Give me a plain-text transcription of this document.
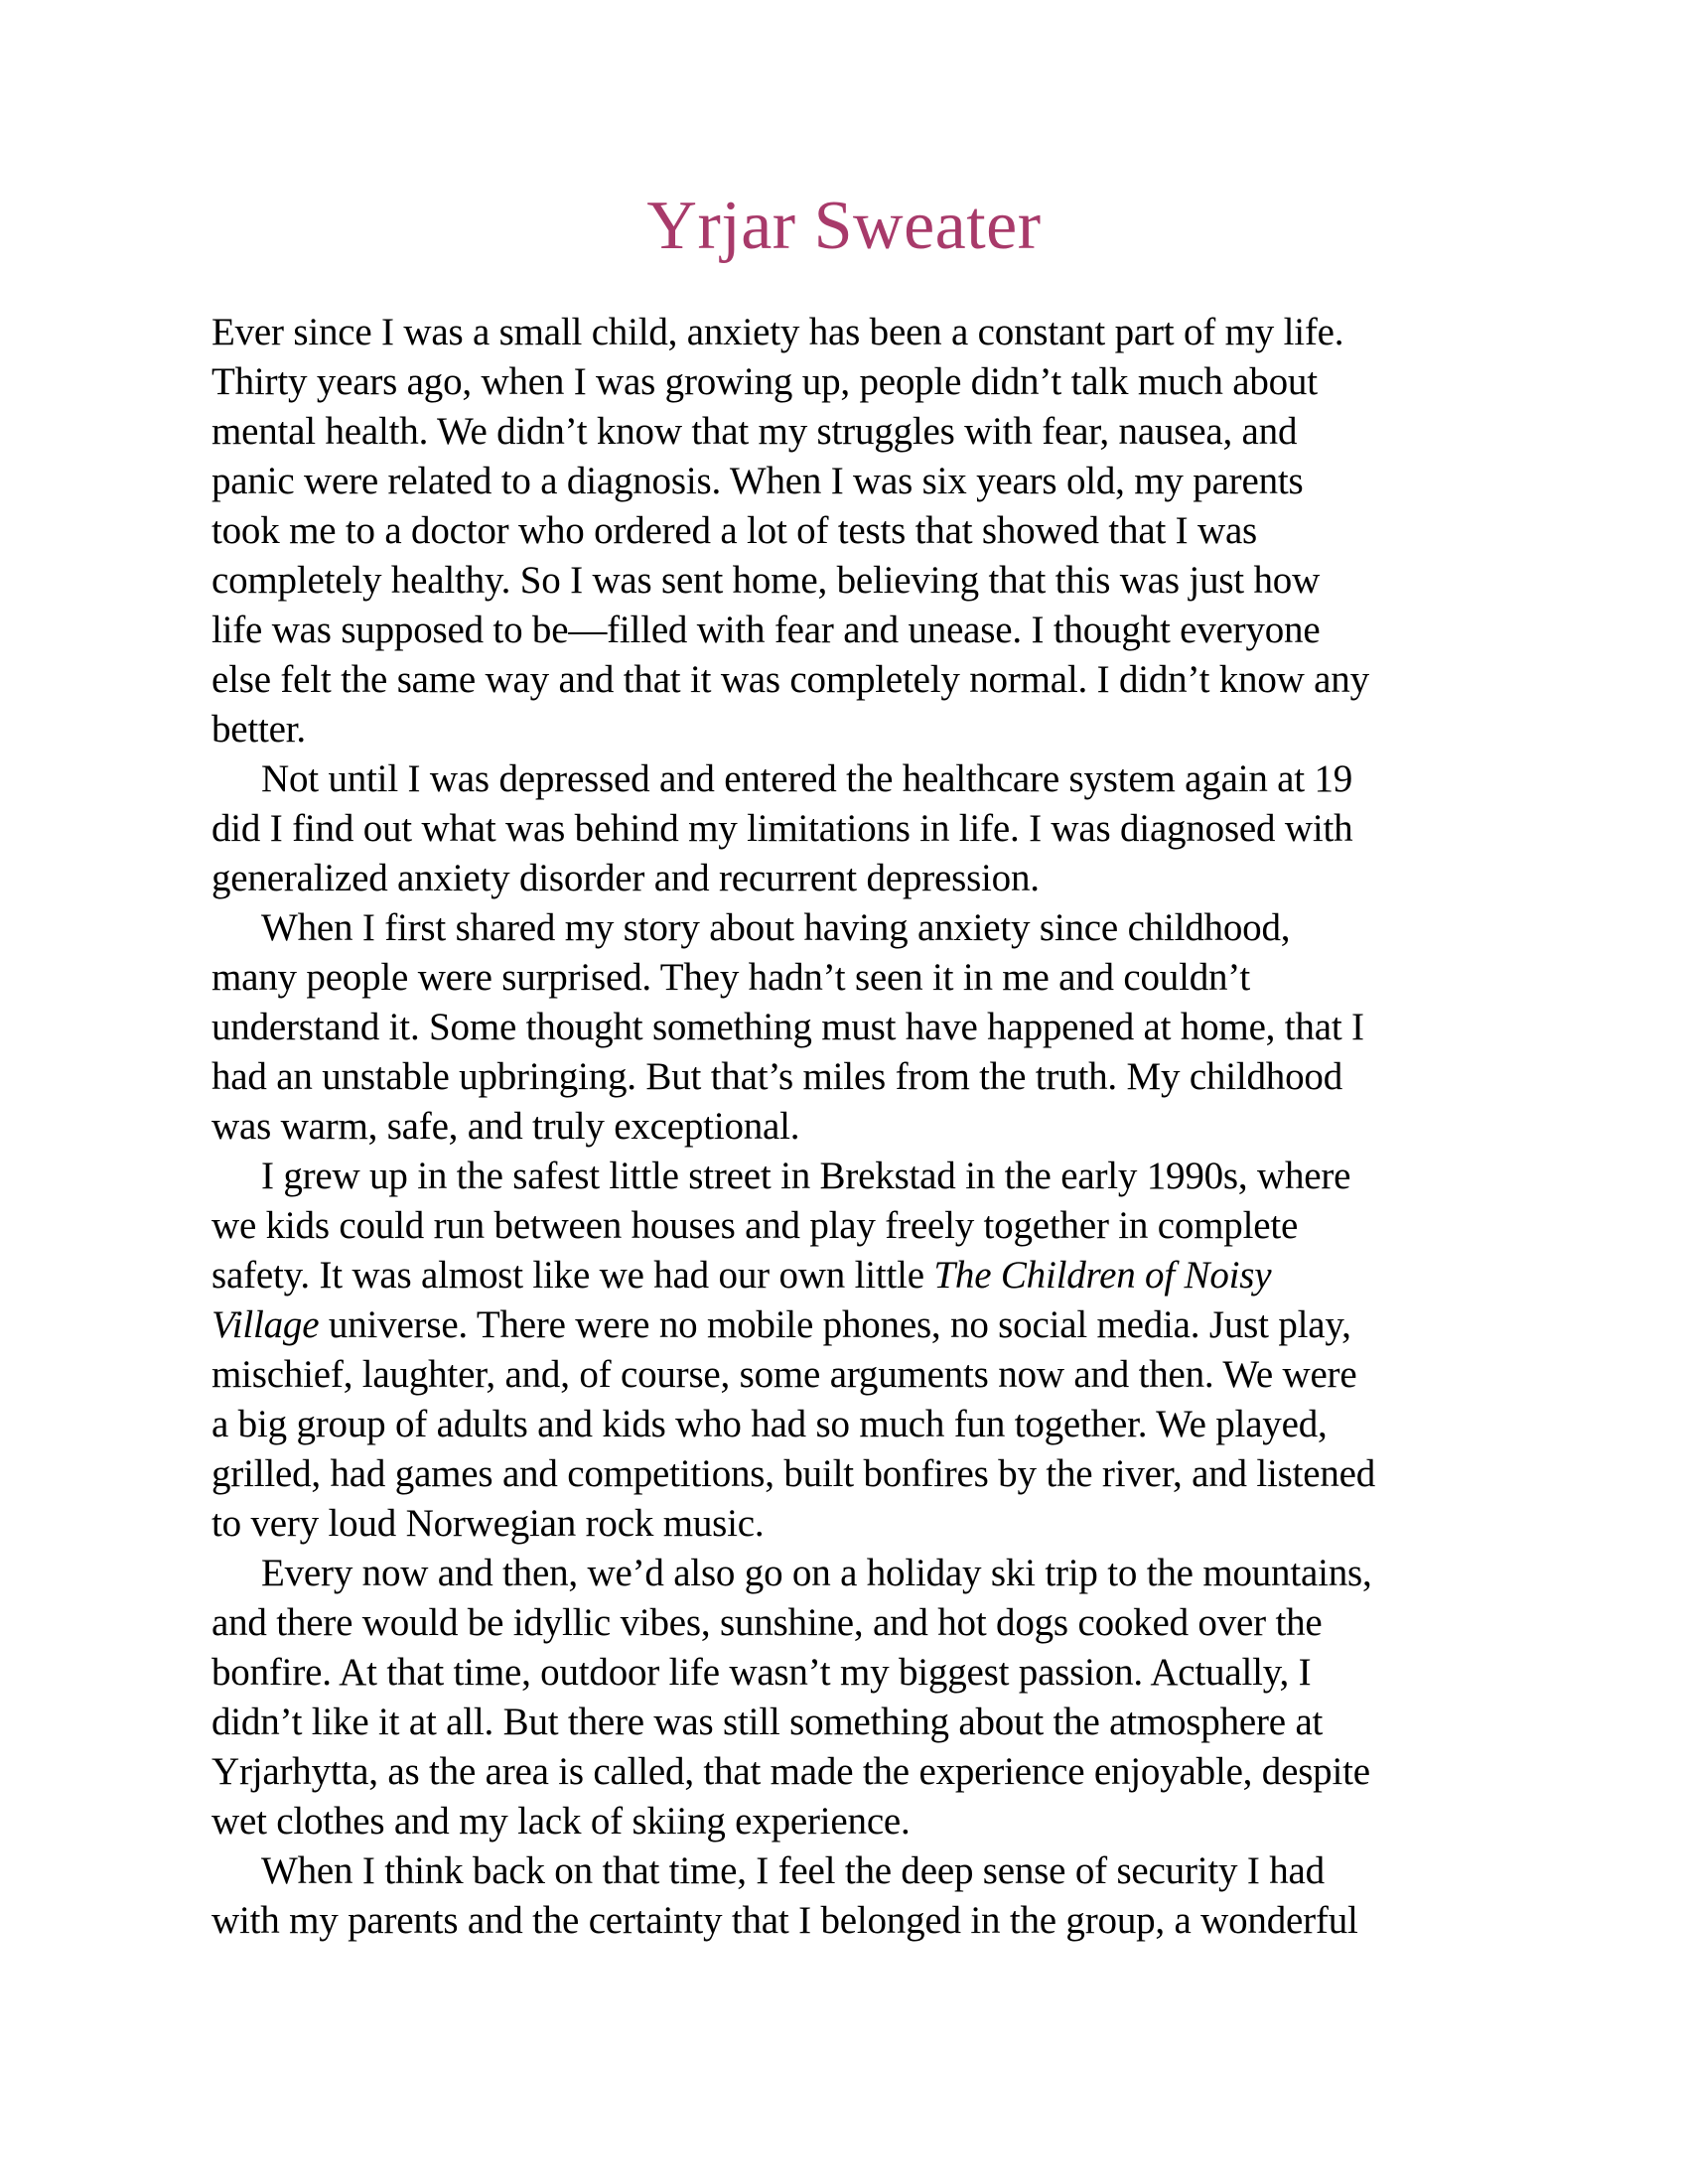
Yrjar Sweater
Ever since I was a small child, anxiety has been a constant part of my life.
Thirty years ago, when I was growing up, people didn’t talk much about
mental health. We didn’t know that my struggles with fear, nausea, and
panic were related to a diagnosis. When I was six years old, my parents
took me to a doctor who ordered a lot of tests that showed that I was
completely healthy. So I was sent home, believing that this was just how
life was supposed to be—filled with fear and unease. I thought everyone
else felt the same way and that it was completely normal. I didn’t know any
better.
Not until I was depressed and entered the healthcare system again at 19
did I find out what was behind my limitations in life. I was diagnosed with
generalized anxiety disorder and recurrent depression.
When I first shared my story about having anxiety since childhood,
many people were surprised. They hadn’t seen it in me and couldn’t
understand it. Some thought something must have happened at home, that I
had an unstable upbringing. But that’s miles from the truth. My childhood
was warm, safe, and truly exceptional.
I grew up in the safest little street in Brekstad in the early 1990s, where
we kids could run between houses and play freely together in complete
safety. It was almost like we had our own little The Children of Noisy
Village universe. There were no mobile phones, no social media. Just play,
mischief, laughter, and, of course, some arguments now and then. We were
a big group of adults and kids who had so much fun together. We played,
grilled, had games and competitions, built bonfires by the river, and listened
to very loud Norwegian rock music.
Every now and then, we’d also go on a holiday ski trip to the mountains,
and there would be idyllic vibes, sunshine, and hot dogs cooked over the
bonfire. At that time, outdoor life wasn’t my biggest passion. Actually, I
didn’t like it at all. But there was still something about the atmosphere at
Yrjarhytta, as the area is called, that made the experience enjoyable, despite
wet clothes and my lack of skiing experience.
When I think back on that time, I feel the deep sense of security I had
with my parents and the certainty that I belonged in the group, a wonderful
